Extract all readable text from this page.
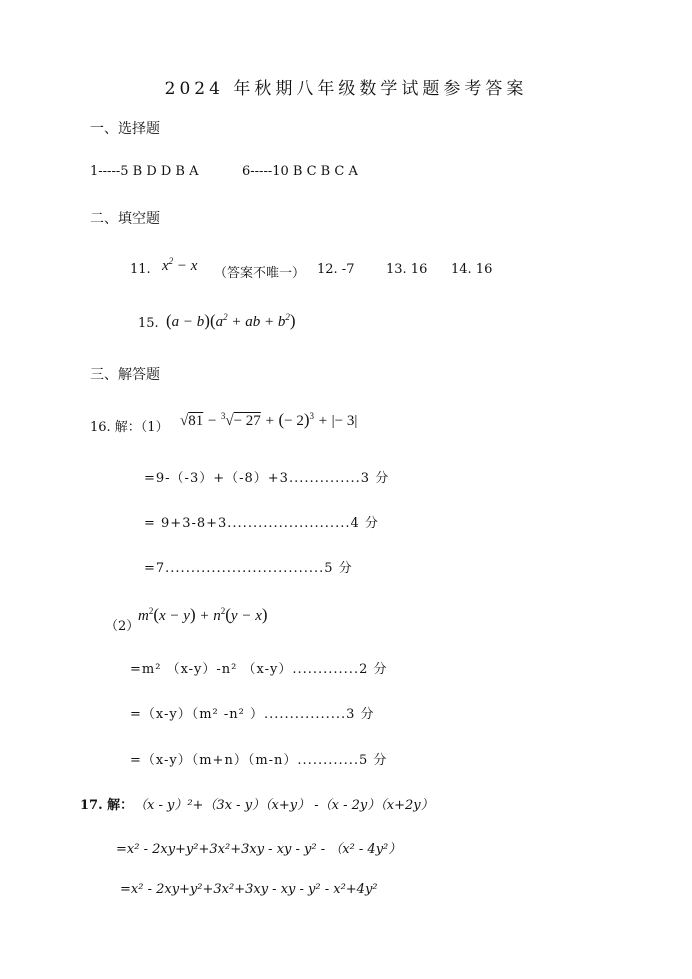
2024 年秋期八年级数学试题参考答案
一、选择题
1-----5 B D D B A	6-----10 B C B C A
二、填空题
11. $x^2 - x$ （答案不唯一） 12. -7 13. 16 14. 16
15. $(a - b)(a^2$ + ab + $b^2$)
三、解答题
16. 解：（1） √81 − $^3$√− 27 + (− 2)$^3$ + |− 3|
=9-（-3）+（-8）+3..............3 分
= 9+3-8+3........................4 分
=7...............................5 分
（2）
$m^2(x - y) + n^2(y - x)$
=m² （x-y）-n² （x-y）.............2 分
=（x-y）（m² -n² ）................3 分
=（x-y）（m+n）（m-n）............5 分
17. 解： （x - y）²+（3x - y）（x+y） -（x - 2y）（x+2y）
=x² - 2xy+y²+3x²+3xy - xy - y² - （x² - 4y²）
=x² - 2xy+y²+3x²+3xy - xy - y² - x²+4y²
